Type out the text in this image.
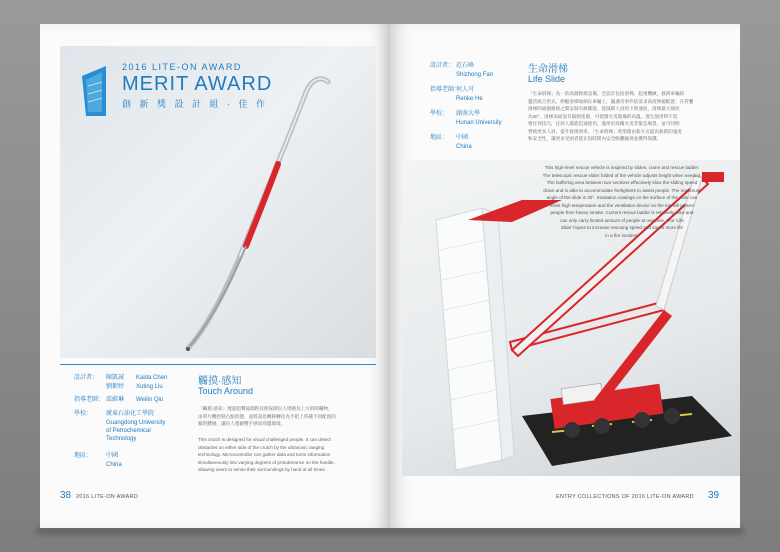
2016 LITE-ON AWARD
MERIT AWARD
創 新 獎 設 計 組 · 佳 作
設計者： 陳凱誠 Kaida Chen
劉絮婷 Xuting Liu
指導老師： 邱蔚琳 Weilin Qiu
學校： 廣東石油化工學院
Guangdong University
of Petrochemical
Technology
地區： 中國
China
觸摸·感知
Touch Around
「觸摸·感知」透過超聲波測距技術探測盲人周圍及上方的障礙物，
由單片機控制凸點狀態，並將訊息轉移轉化為手把上各種不同配置的
鎖的體感，讓盲人憑藉雙手感知周邊環境。
This crutch is designed for visual challenged people. It can detect
obstacles on either side of the crutch by the ultrasonic ranging
technology. Microcontroller can gather data and turns information
simultaneously into varying degrees of protuberance on the handle,
allowing users to sense their surroundings by hand at all times.
38 2016 LITE-ON AWARD
設計者： 范石峰
Shizhong Fan
指導老師：
何人可
Renke He
學校： 湖南大學
Hunan University
地區： 中國
China
生命滑梯
Life Slide
「生命滑梯」為一款高層救援設備，全設計包括滑梯、起重機械，救援車輛的
靈活組合形式。伸縮滑梯收納在車輛上，隨遇災事件依需求高度伸縮配置；在折疊
滑梯的兩個連接之間安裝有緩衝區，能減緩人員的下滑速度，滑梯最大坡度
為30°，滑梯表面設有隔熱塗層，可抵禦火災現場的高溫。逃生使用時不需
要任何技巧，任何人都能迅速使用，適用於高樓火災等緊急場景，並可同時
營救更多人員，提升救援效率。「生命滑梯」希望藉由新方式提高救援的速度
和安全性，讓更多受困者能在短時間內安全脫離險境並獲得保護。
This high-level rescue vehicle is inspired by slides, crane and rescue ladder.
The telescopic rescue slider folded of the vehicle adjusts height when needed.
The buffering area between two sections effectively slow the sliding speed
down and is able to accommodate firefighters to assist people. The maximum
angle of the slide is 30°. Insulation coatings on the surface of the slide can
resist high temperature and the ventilation device on the top will protect
people from heavy smoke. Current rescue ladder is relatively slow and
can only carry limited amount of people at one time. The 'Life
Slide' hopes to increase rescuing speed and saves more life
in a fire incident.
ENTRY COLLECTIONS OF 2016 LITE-ON AWARD 39
